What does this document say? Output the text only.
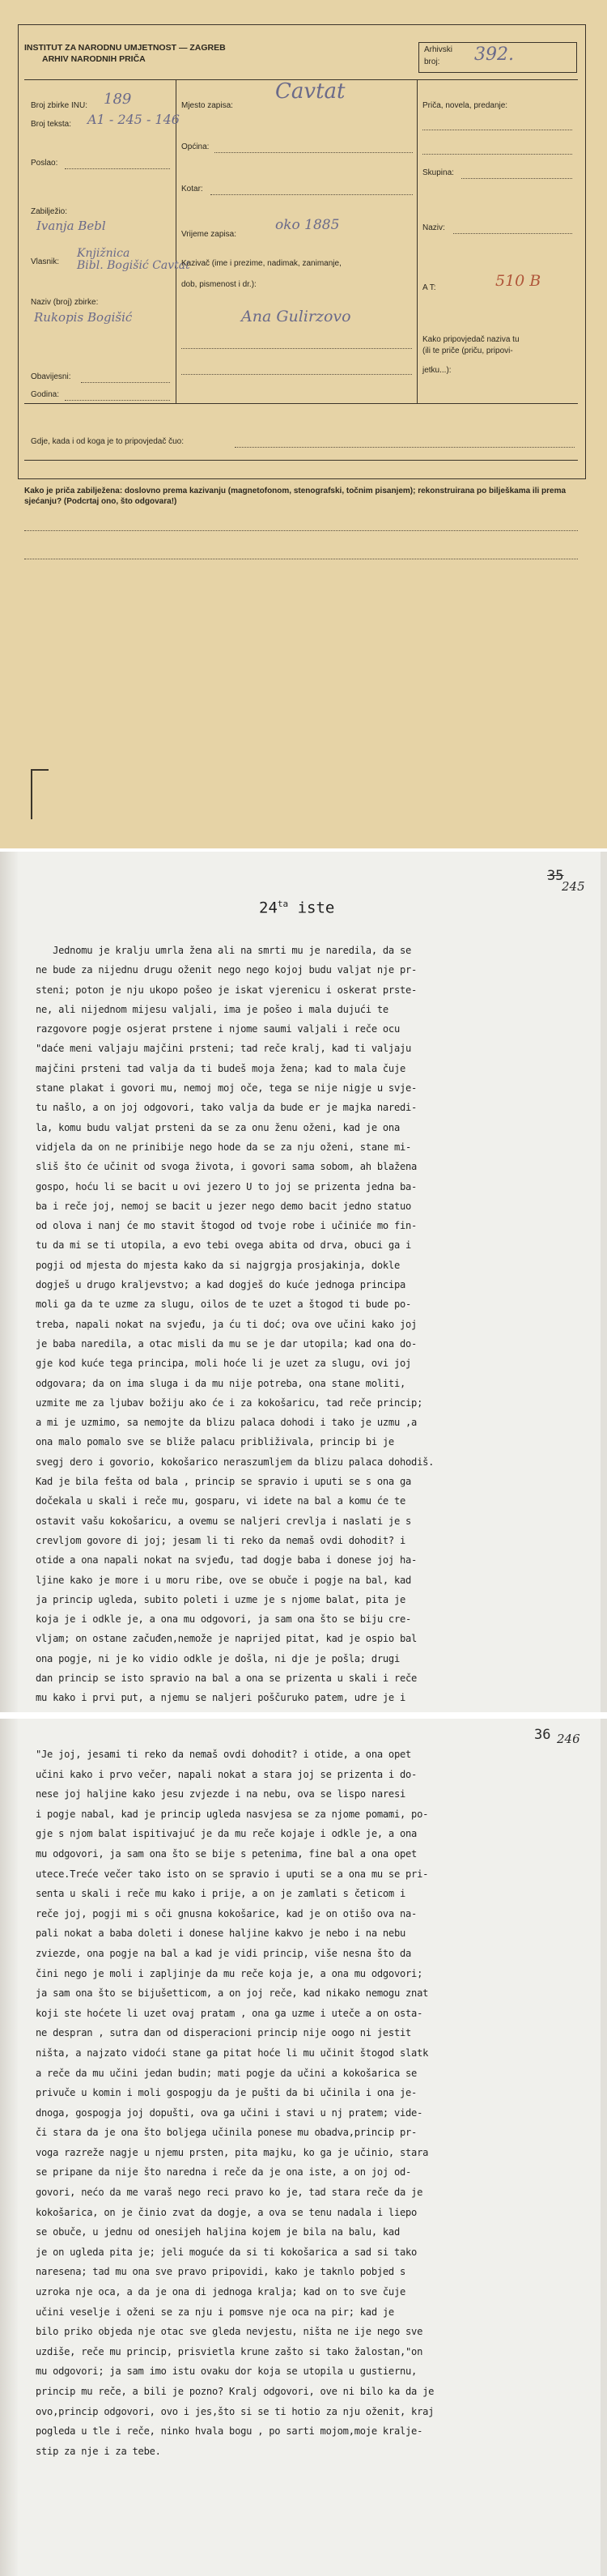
INSTITUT ZA NARODNU UMJETNOST — ZAGREB
ARHIV NARODNIH PRIČA
Arhivski
broj: 392.
Broj zbirke INU: 189
Broj teksta: A1 - 245 - 146
Poslao:
Zabilježio:
Ivanja Bebl
Vlasnik:
Knjižnica
Bibl. Bogišić Cavtat
Naziv (broj) zbirke:
Rukopis Bogišić
Obavijesni:
Godina:
Mjesto zapisa:
Cavtat
Općina:
Kotar:
Vrijeme zapisa:
oko 1885
Kazivač (ime i prezime, nadimak, zanimanje,
dob, pismenost i dr.):
Ana Gulirzovo
Priča, novela, predanje:
Skupina:
Naziv:
A T:	510 B
Kako pripovjedač naziva tu
(ili te priče (priču, pripovi-
jetku...):
Gdje, kada i od koga je to pripovjedač čuo:
Kako je priča zabilježena: doslovno prema kazivanju (magnetofonom, stenografski, točnim pisanjem); rekonstruirana po bilješkama ili prema sjećanju? (Podcrtaj ono, što odgovara!)
35
245
$24^{ta}$ iste
Jednomu je kralju umrla žena ali na smrti mu je naredila, da se
ne bude za nijednu drugu oženit nego nego kojoj budu valjat nje pr-
steni; poton je nju ukopo pošeo je iskat vjerenicu i oskerat prste-
ne, ali nijednom mijesu valjali, ima je pošeo i mala dujući te
razgovore pogje osjerat prstene i njome saumi valjali i reče ocu
"daće meni valjaju majčini prsteni; tad reče kralj, kad ti valjaju
majčini prsteni tad valja da ti budeš moja žena; kad to mala čuje
stane plakat i govori mu, nemoj moj oče, tega se nije nigje u svje-
tu našlo, a on joj odgovori, tako valja da bude er je majka naredi-
la, komu budu valjat prsteni da se za onu ženu oženi, kad je ona
vidjela da on ne prinibije nego hode da se za nju oženi, stane mi-
sliš što će učinit od svoga života, i govori sama sobom, ah blažena
gospo, hoću li se bacit u ovi jezero U to joj se prizenta jedna ba-
ba i reče joj, nemoj se bacit u jezer nego demo bacit jedno statuo
od olova i nanj će mo stavit štogod od tvoje robe i učiniće mo fin-
tu da mi se ti utopila, a evo tebi ovega abita od drva, obuci ga i
pogji od mjesta do mjesta kako da si najgrgja prosjakinja, dokle
dogješ u drugo kraljevstvo; a kad dogješ do kuće jednoga principa
moli ga da te uzme za slugu, oilos de te uzet a štogod ti bude po-
treba, napali nokat na svjeđu, ja ću ti doć; ova ove učini kako joj
je baba naredila, a otac misli da mu se je dar utopila; kad ona do-
gje kod kuće tega principa, moli hoće li je uzet za slugu, ovi joj
odgovara; da on ima sluga i da mu nije potreba, ona stane moliti,
uzmite me za ljubav božiju ako će i za kokošaricu, tad reče princip;
a mi je uzmimo, sa nemojte da blizu palaca dohodi i tako je uzmu ,a
ona malo pomalo sve se bliže palacu približivala, princip bi je
svegj dero i govorio, kokošarico neraszumljem da blizu palaca dohodiš.
Kad je bila fešta od bala , princip se spravio i uputi se s ona ga
dočekala u skali i reče mu, gosparu, vi idete na bal a komu će te
ostavit vašu kokošaricu, a ovemu se naljeri crevlja i naslati je s
crevljom govore di joj; jesam li ti reko da nemaš ovdi dohodit? i
otide a ona napali nokat na svjeđu, tad dogje baba i donese joj ha-
ljine kako je more i u moru ribe, ove se obuče i pogje na bal, kad
ja princip ugleda, subito poleti i uzme je s njome balat, pita je
koja je i odkle je, a ona mu odgovori, ja sam ona što se biju cre-
vljam; on ostane začuđen,nemože je naprijed pitat, kad je ospio bal
ona pogje, ni je ko vidio odkle je došla, ni dje je pošla; drugi
dan princip se isto spravio na bal a ona se prizenta u skali i reče
mu kako i prvi put, a njemu se naljeri poščuruko patem, udre je i
36 246
"Je joj, jesami ti reko da nemaš ovdi dohodit? i otide, a ona opet
učini kako i prvo večer, napali nokat a stara joj se prizenta i do-
nese joj haljine kako jesu zvjezde i na nebu, ova se lispo naresi
i pogje nabal, kad je princip ugleda nasvjesa se za njome pomami, po-
gje s njom balat ispitivajuć je da mu reče kojaje i odkle je, a ona
mu odgovori, ja sam ona što se bije s petenima, fine bal a ona opet
utece.Treće večer tako isto on se spravio i uputi se a ona mu se pri-
senta u skali i reče mu kako i prije, a on je zamlati s četicom i
reče joj, pogji mi s oči gnusna kokošarice, kad je on otišo ova na-
pali nokat a baba doleti i donese haljine kakvo je nebo i na nebu
zviezde, ona pogje na bal a kad je vidi princip, više nesna što da
čini nego je moli i zapljinje da mu reče koja je, a ona mu odgovori;
ja sam ona što se bijušetticom, a on joj reče, kad nikako nemogu znat
koji ste hoćete li uzet ovaj pratam , ona ga uzme i uteče a on osta-
ne despran , sutra dan od disperacioni princip nije oogo ni jestit
ništa, a najzato vidoći stane ga pitat hoće li mu učinit štogod slatk
a reče da mu učini jedan budin; mati pogje da učini a kokošarica se
privuče u komin i moli gospogju da je pušti da bi učinila i ona je-
dnoga, gospogja joj dopušti, ova ga učini i stavi u nj pratem; vide-
či stara da je ona što boljega učinila ponese mu obadva,princip pr-
voga razreže nagje u njemu prsten, pita majku, ko ga je učinio, stara
se pripane da nije što naredna i reče da je ona iste, a on joj od-
govori, nećo da me varaš nego reci pravo ko je, tad stara reče da je
kokošarica, on je činio zvat da dogje, a ova se tenu nadala i liepo
se obuče, u jednu od onesijeh haljina kojem je bila na balu, kad
je on ugleda pita je; jeli moguće da si ti kokošarica a sad si tako
naresena; tad mu ona sve pravo pripovidi, kako je taknlo pobjed s
uzroka nje oca, a da je ona di jednoga kralja; kad on to sve čuje
učini veselje i oženi se za nju i pomsve nje oca na pir; kad je
bilo priko objeda nje otac sve gleda nevjestu, ništa ne ije nego sve
uzdiše, reče mu princip, prisvietla krune zašto si tako žalostan,"on
mu odgovori; ja sam imo istu ovaku dor koja se utopila u gustiernu,
princip mu reče, a bili je pozno? Kralj odgovori, ove ni bilo ka da je
ovo,princip odgovori, ovo i jes,što si se ti hotio za nju oženit, kraj
pogleda u tle i reče, ninko hvala bogu , po sarti mojom,moje kralje-
stip za nje i za tebe.
